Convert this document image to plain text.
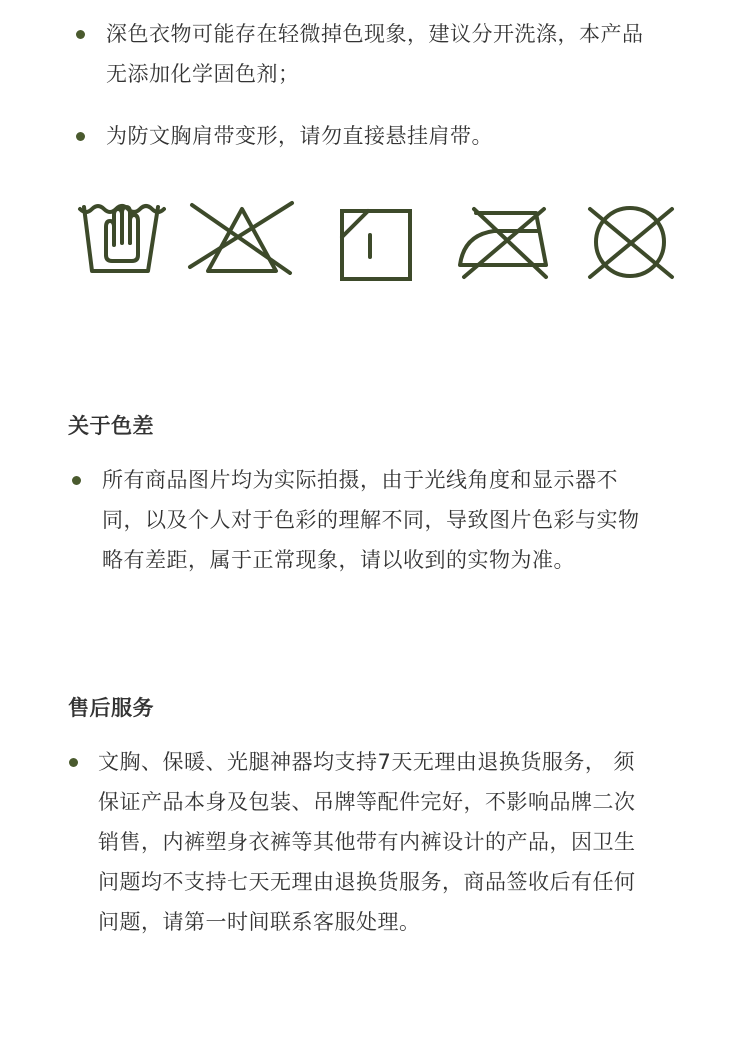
深色衣物可能存在轻微掉色现象，建议分开洗涤，本产品
无添加化学固色剂；
为防文胸肩带变形，请勿直接悬挂肩带。
关于色差
所有商品图片均为实际拍摄，由于光线角度和显示器不
同，以及个人对于色彩的理解不同，导致图片色彩与实物
略有差距，属于正常现象，请以收到的实物为准。
售后服务
文胸、保暖、光腿神器均支持7天无理由退换货服务， 须
保证产品本身及包装、吊牌等配件完好，不影响品牌二次
销售，内裤塑身衣裤等其他带有内裤设计的产品，因卫生
问题均不支持七天无理由退换货服务，商品签收后有任何
问题，请第一时间联系客服处理。
